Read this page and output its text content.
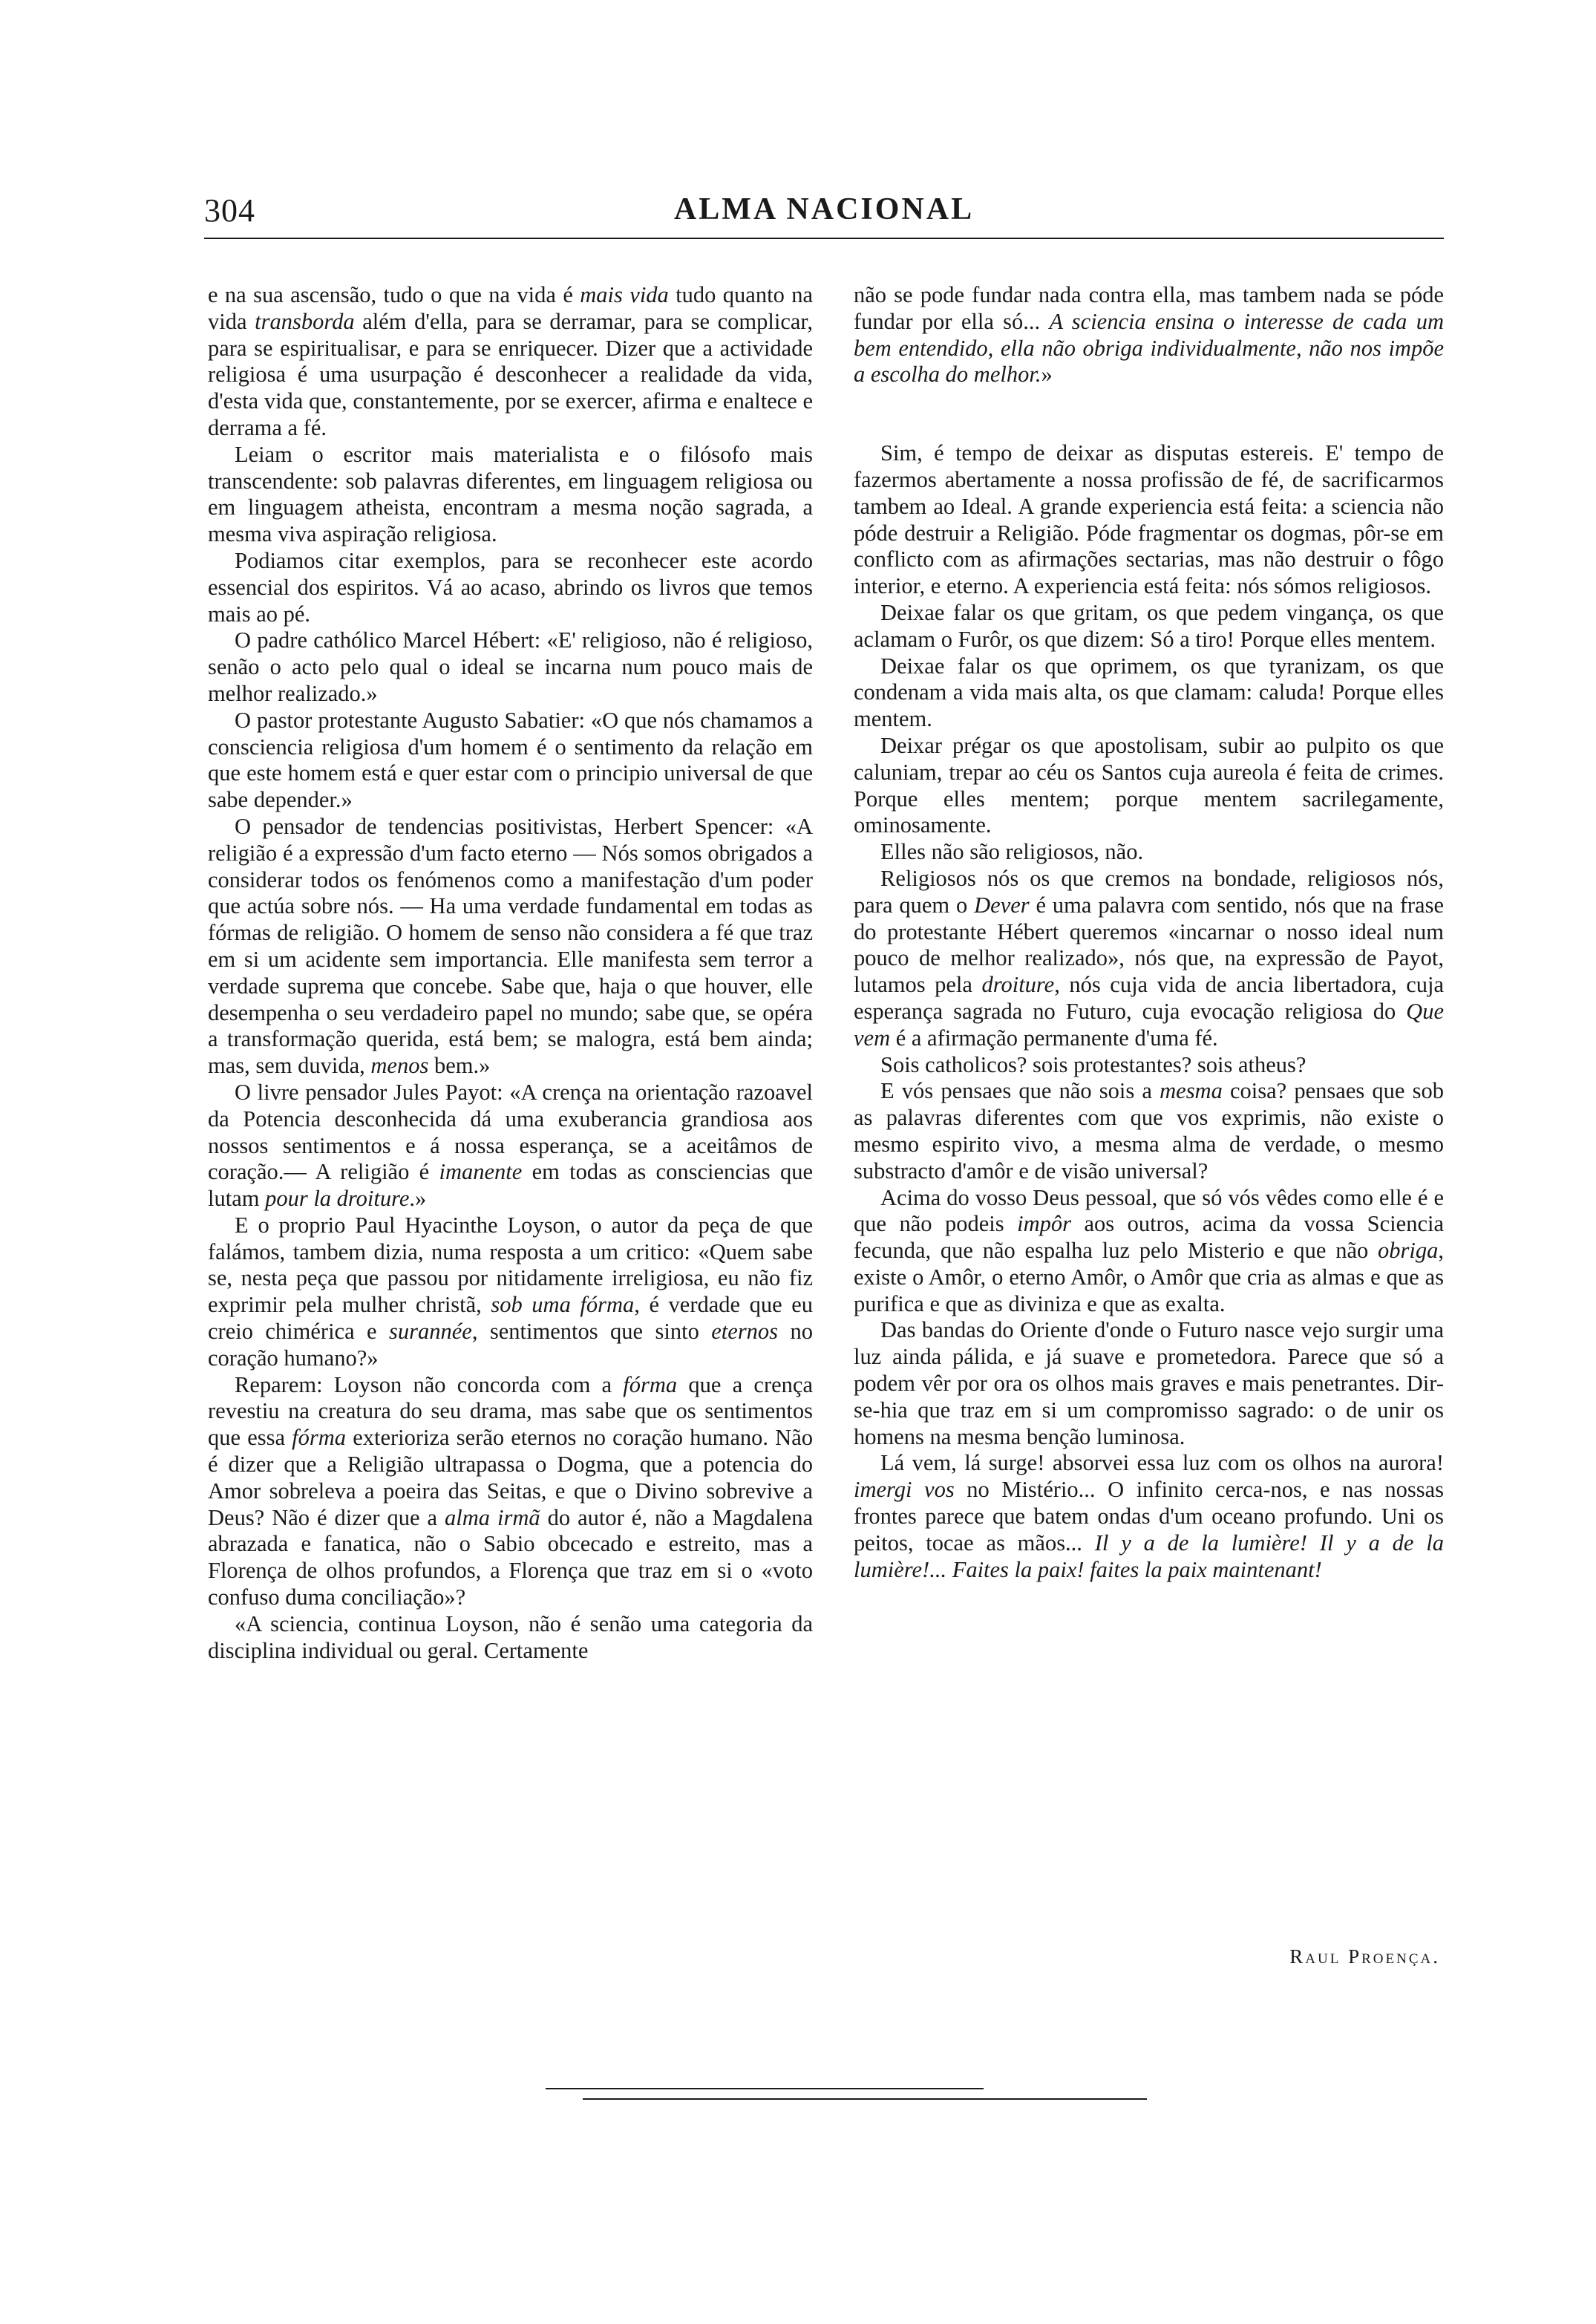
304	ALMA NACIONAL

e na sua ascensão, tudo o que na vida é mais vida tudo quanto na vida transborda além d'ella, para se derramar, para se complicar, para se espiritualisar, e para se enriquecer. Dizer que a actividade religiosa é uma usurpação é desconhecer a realidade da vida, d'esta vida que, constantemente, por se exercer, afirma e enaltece e derrama a fé.

Leiam o escritor mais materialista e o filósofo mais transcendente: sob palavras diferentes, em linguagem religiosa ou em linguagem atheista, encontram a mesma noção sagrada, a mesma viva aspiração religiosa.

Podiamos citar exemplos, para se reconhecer este acordo essencial dos espiritos. Vá ao acaso, abrindo os livros que temos mais ao pé.

O padre cathólico Marcel Hébert: «E' religioso, não é religioso, senão o acto pelo qual o ideal se incarna num pouco mais de melhor realizado.»

O pastor protestante Augusto Sabatier: «O que nós chamamos a consciencia religiosa d'um homem é o sentimento da relação em que este homem está e quer estar com o principio universal de que sabe depender.»

O pensador de tendencias positivistas, Herbert Spencer: «A religião é a expressão d'um facto eterno — Nós somos obrigados a considerar todos os fenómenos como a manifestação d'um poder que actúa sobre nós. — Ha uma verdade fundamental em todas as fórmas de religião. O homem de senso não considera a fé que traz em si um acidente sem importancia. Elle manifesta sem terror a verdade suprema que concebe. Sabe que, haja o que houver, elle desempenha o seu verdadeiro papel no mundo; sabe que, se opéra a transformação querida, está bem; se malogra, está bem ainda; mas, sem duvida, menos bem.»

O livre pensador Jules Payot: «A crença na orientação razoavel da Potencia desconhecida dá uma exuberancia grandiosa aos nossos sentimentos e á nossa esperança, se a aceitâmos de coração.— A religião é imanente em todas as consciencias que lutam pour la droiture.»

E o proprio Paul Hyacinthe Loyson, o autor da peça de que falámos, tambem dizia, numa resposta a um critico: «Quem sabe se, nesta peça que passou por nitidamente irreligiosa, eu não fiz exprimir pela mulher christã, sob uma fórma, é verdade que eu creio chimérica e surannée, sentimentos que sinto eternos no coração humano?»

Reparem: Loyson não concorda com a fórma que a crença revestiu na creatura do seu drama, mas sabe que os sentimentos que essa fórma exterioriza serão eternos no coração humano. Não é dizer que a Religião ultrapassa o Dogma, que a potencia do Amor sobreleva a poeira das Seitas, e que o Divino sobrevive a Deus? Não é dizer que a alma irmã do autor é, não a Magdalena abrazada e fanatica, não o Sabio obcecado e estreito, mas a Florença de olhos profundos, a Florença que traz em si o «voto confuso duma conciliação»?

«A sciencia, continua Loyson, não é senão uma categoria da disciplina individual ou geral. Certamente

não se pode fundar nada contra ella, mas tambem nada se póde fundar por ella só... A sciencia ensina o interesse de cada um bem entendido, ella não obriga individualmente, não nos impõe a escolha do melhor.»

Sim, é tempo de deixar as disputas estereis. E' tempo de fazermos abertamente a nossa profissão de fé, de sacrificarmos tambem ao Ideal. A grande experiencia está feita: a sciencia não póde destruir a Religião. Póde fragmentar os dogmas, pôr-se em conflicto com as afirmações sectarias, mas não destruir o fôgo interior, e eterno. A experiencia está feita: nós sómos religiosos.

Deixae falar os que gritam, os que pedem vingança, os que aclamam o Furôr, os que dizem: Só a tiro! Porque elles mentem.

Deixae falar os que oprimem, os que tyranizam, os que condenam a vida mais alta, os que clamam: caluda! Porque elles mentem.

Deixar prégar os que apostolisam, subir ao pulpito os que caluniam, trepar ao céu os Santos cuja aureola é feita de crimes. Porque elles mentem; porque mentem sacrilegamente, ominosamente.

Elles não são religiosos, não.

Religiosos nós os que cremos na bondade, religiosos nós, para quem o Dever é uma palavra com sentido, nós que na frase do protestante Hébert queremos «incarnar o nosso ideal num pouco de melhor realizado», nós que, na expressão de Payot, lutamos pela droiture, nós cuja vida de ancia libertadora, cuja esperança sagrada no Futuro, cuja evocação religiosa do Que vem é a afirmação permanente d'uma fé.

Sois catholicos? sois protestantes? sois atheus?

E vós pensaes que não sois a mesma coisa? pensaes que sob as palavras diferentes com que vos exprimis, não existe o mesmo espirito vivo, a mesma alma de verdade, o mesmo substracto d'amôr e de visão universal?

Acima do vosso Deus pessoal, que só vós vêdes como elle é e que não podeis impôr aos outros, acima da vossa Sciencia fecunda, que não espalha luz pelo Misterio e que não obriga, existe o Amôr, o eterno Amôr, o Amôr que cria as almas e que as purifica e que as diviniza e que as exalta.

Das bandas do Oriente d'onde o Futuro nasce vejo surgir uma luz ainda pálida, e já suave e prometedora. Parece que só a podem vêr por ora os olhos mais graves e mais penetrantes. Dir-se-hia que traz em si um compromisso sagrado: o de unir os homens na mesma benção luminosa.

Lá vem, lá surge! absorvei essa luz com os olhos na aurora! imergi vos no Mistério... O infinito cerca-nos, e nas nossas frontes parece que batem ondas d'um oceano profundo. Uni os peitos, tocae as mãos... Il y a de la lumière! Il y a de la lumière!... Faites la paix! faites la paix maintenant!

Raul Proença.
